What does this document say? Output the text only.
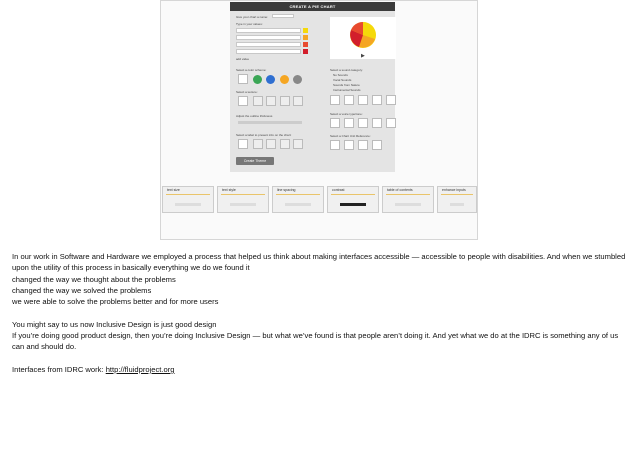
CREATE A PIE CHART
Give your chart a name:
Type in your values:
add value	▶
Select a color scheme:
Select a texture:
Adjust the outline thickness
Select a label to present info on the chart:
Create Theme
Select a sound category:
No Sounds
Vocal Sounds
Sounds from Nature
Instrumental Sounds
Select a voice type/tone:
Select a Chart Unit Reference:
text size	text style	line spacing	contrast	table of contents	enhance inputs

In our work in Software and Hardware we employed a process that helped us think about making interfaces accessible — accessible to people with disabilities. And when we stumbled upon the utility of this process in basically everything we do we found it

changed the way we thought about the problems

changed the way we solved the problems

we were able to solve the problems better and for more users

You might say to us now Inclusive Design is just good design

If you’re doing good product design, then you’re doing Inclusive Design — but what we’ve found is that people aren’t doing it. And yet what we do at the IDRC is something any of us can and should do.

Interfaces from IDRC work: http://fluidproject.org
